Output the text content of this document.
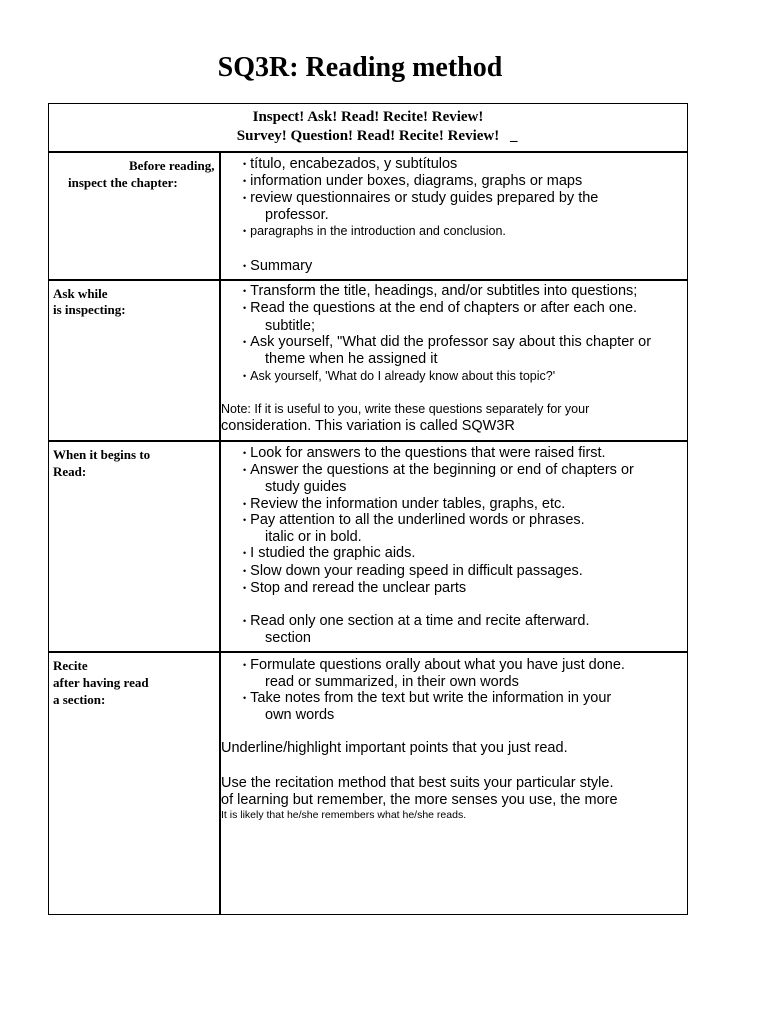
SQ3R: Reading method
Inspect! Ask! Read! Recite! Review!
Survey! Question! Read! Recite! Review! _
Before reading,
inspect the chapter:
• título, encabezados, y subtítulos
• information under boxes, diagrams, graphs or maps
• review questionnaires or study guides prepared by the
professor.
• paragraphs in the introduction and conclusion.
• Summary
Ask while
is inspecting:
• Transform the title, headings, and/or subtitles into questions;
• Read the questions at the end of chapters or after each one.
subtitle;
• Ask yourself, "What did the professor say about this chapter or
theme when he assigned it
• Ask yourself, 'What do I already know about this topic?'
Note: If it is useful to you, write these questions separately for your
consideration. This variation is called SQW3R
When it begins to
Read:
• Look for answers to the questions that were raised first.
• Answer the questions at the beginning or end of chapters or
study guides
• Review the information under tables, graphs, etc.
• Pay attention to all the underlined words or phrases.
italic or in bold.
• I studied the graphic aids.
• Slow down your reading speed in difficult passages.
• Stop and reread the unclear parts
• Read only one section at a time and recite afterward.
section
Recite
after having read
a section:
• Formulate questions orally about what you have just done.
read or summarized, in their own words
• Take notes from the text but write the information in your
own words
Underline/highlight important points that you just read.
Use the recitation method that best suits your particular style.
of learning but remember, the more senses you use, the more
It is likely that he/she remembers what he/she reads.
